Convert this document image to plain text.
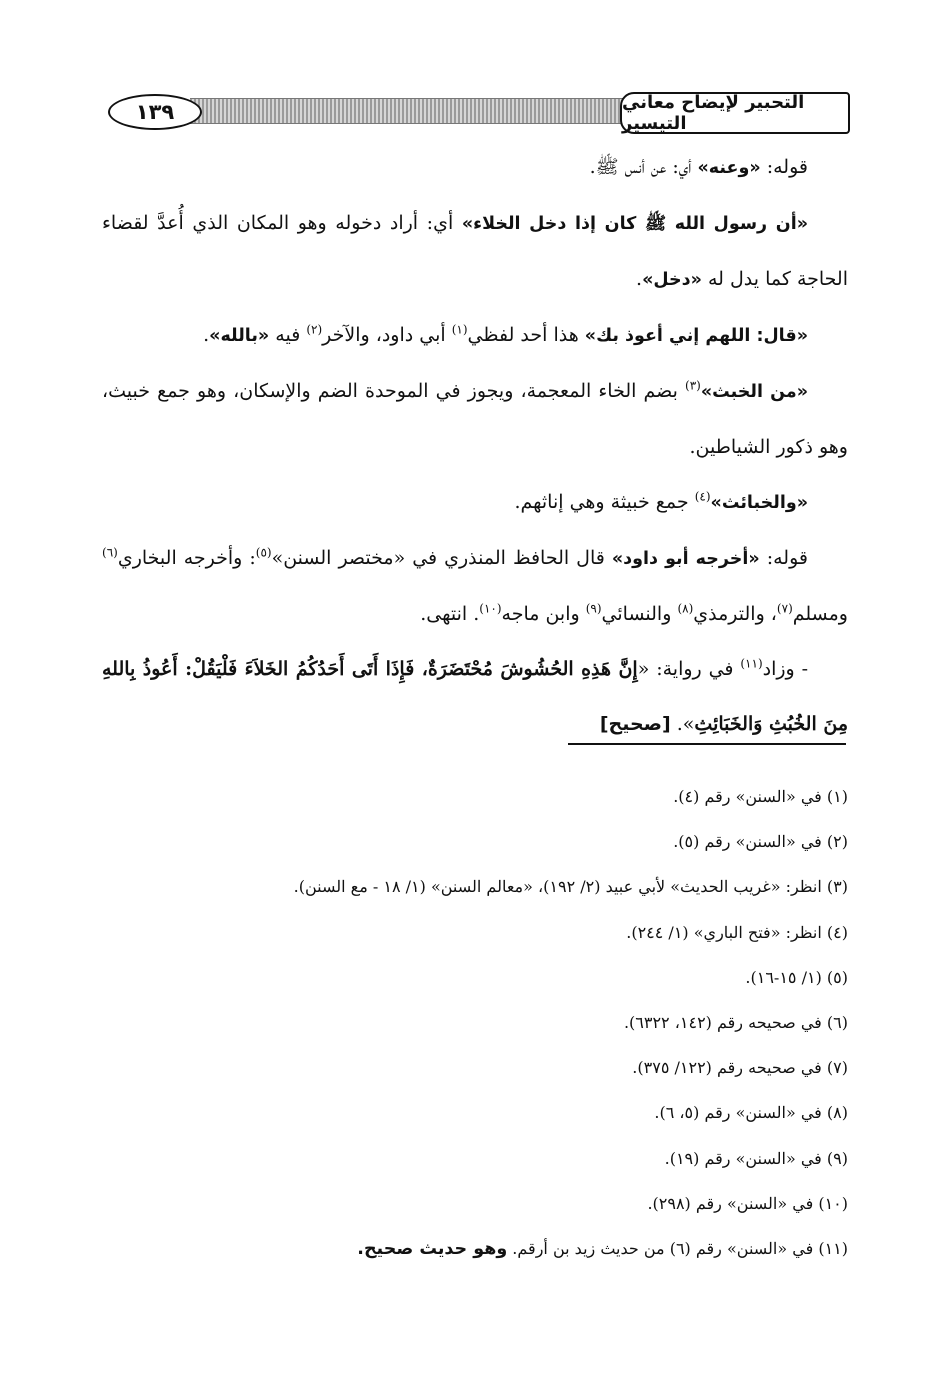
١٣٩	التحبير لإيضاح معاني التيسير

قوله: «وعنه» أي: عن أنس ﷺ.

«أن رسول الله ﷺ كان إذا دخل الخلاء» أي: أراد دخوله وهو المكان الذي أُعدَّ لقضاء الحاجة كما يدل له «دخل».

«قال: اللهم إني أعوذ بك» هذا أحد لفظي$^{(١)}$ أبي داود، والآخر$^{(٢)}$ فيه «بالله».

«من الخبث»$^{(٣)}$ بضم الخاء المعجمة، ويجوز في الموحدة الضم والإسكان، وهو جمع خبيث، وهو ذكور الشياطين.

«والخبائث»$^{(٤)}$ جمع خبيثة وهي إناثهم.

قوله: «أخرجه أبو داود» قال الحافظ المنذري في «مختصر السنن»$^{(٥)}$: وأخرجه البخاري$^{(٦)}$ ومسلم$^{(٧)}$، والترمذي$^{(٨)}$ والنسائي$^{(٩)}$ وابن ماجه$^{(١٠)}$. انتهى.

- وزاد$^{(١١)}$ في رواية: «إِنَّ هَذِهِ الحُشُوشَ مُحْتَضَرَةٌ، فَإِذَا أَتَى أَحَدُكُمُ الخَلاَءَ فَلْيَقُلْ: أَعُوذُ بِاللهِ مِنَ الخُبُثِ وَالخَبَائِثِ». [صحيح]

(١) في «السنن» رقم (٤).
(٢) في «السنن» رقم (٥).
(٣) انظر: «غريب الحديث» لأبي عبيد (٢/ ١٩٢)، «معالم السنن» (١/ ١٨ - مع السنن).
(٤) انظر: «فتح الباري» (١/ ٢٤٤).
(٥) (١/ ١٥-١٦).
(٦) في صحيحه رقم (١٤٢، ٦٣٢٢).
(٧) في صحيحه رقم (١٢٢/ ٣٧٥).
(٨) في «السنن» رقم (٥، ٦).
(٩) في «السنن» رقم (١٩).
(١٠) في «السنن» رقم (٢٩٨).
(١١) في «السنن» رقم (٦) من حديث زيد بن أرقم. وهو حديث صحيح.
